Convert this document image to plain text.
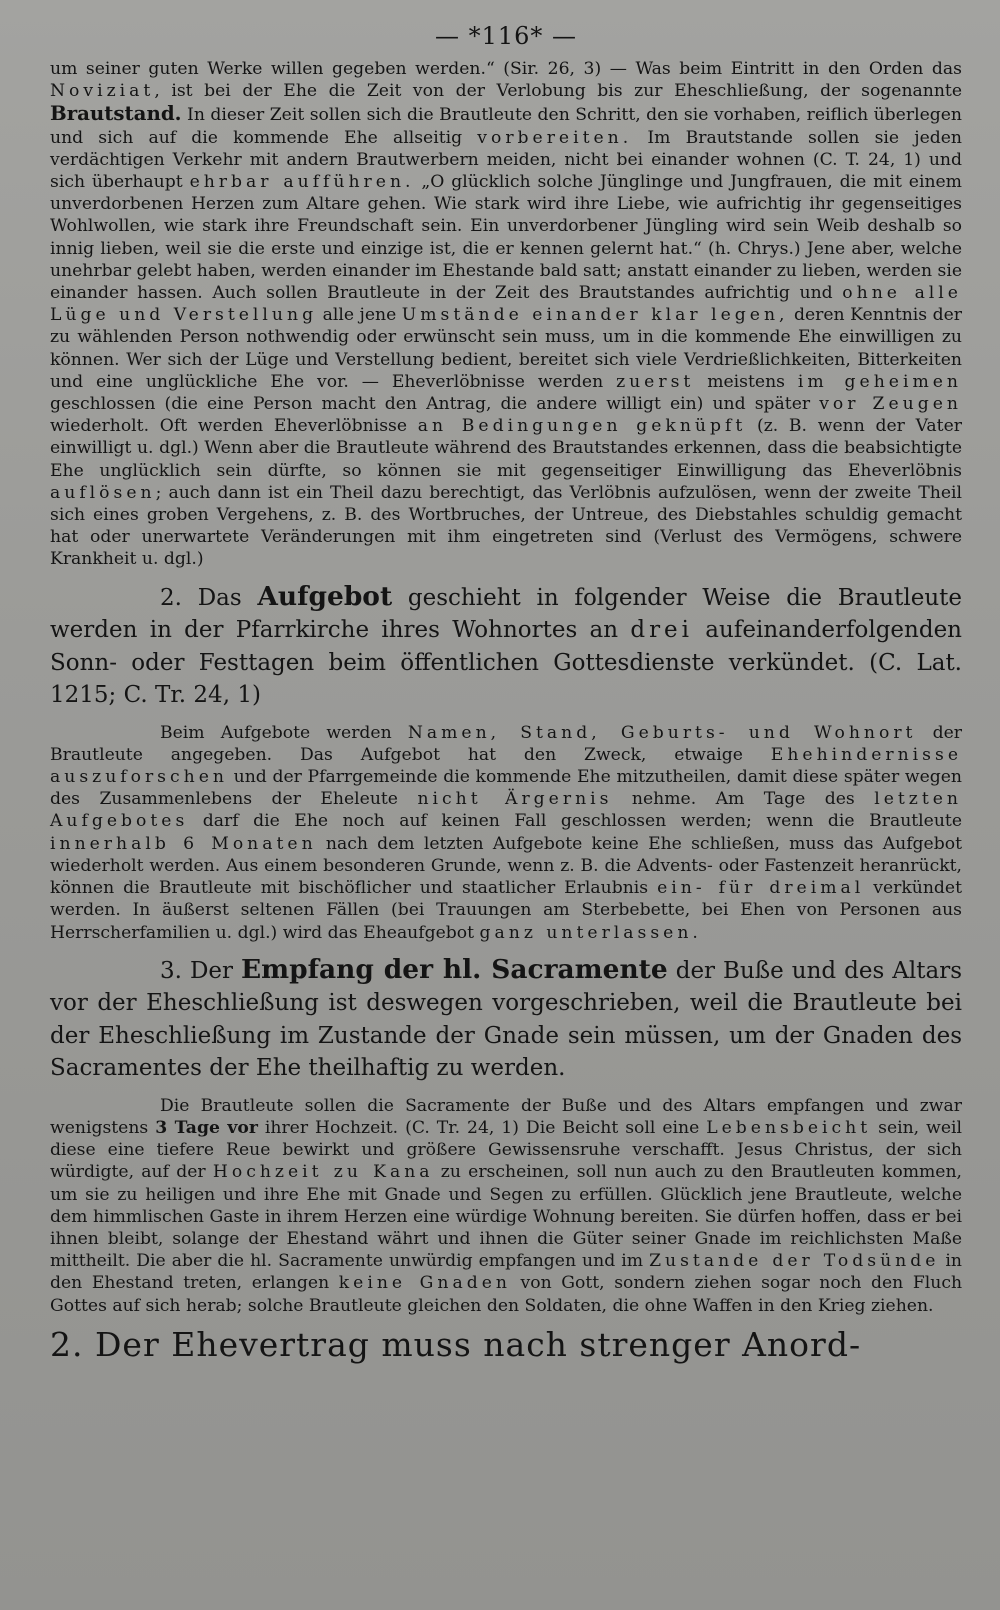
— *116* —

um seiner guten Werke willen gegeben werden.“ (Sir. 26, 3) — Was beim Eintritt in den Orden das Noviziat, ist bei der Ehe die Zeit von der Verlobung bis zur Eheschließung, der sogenannte Brautstand. In dieser Zeit sollen sich die Brautleute den Schritt, den sie vorhaben, reiflich überlegen und sich auf die kommende Ehe allseitig vorbereiten. Im Brautstande sollen sie jeden verdächtigen Verkehr mit andern Brautwerbern meiden, nicht bei einander wohnen (C. T. 24, 1) und sich überhaupt ehrbar aufführen. „O glücklich solche Jünglinge und Jungfrauen, die mit einem unverdorbenen Herzen zum Altare gehen. Wie stark wird ihre Liebe, wie aufrichtig ihr gegenseitiges Wohlwollen, wie stark ihre Freundschaft sein. Ein unverdorbener Jüngling wird sein Weib deshalb so innig lieben, weil sie die erste und einzige ist, die er kennen gelernt hat.“ (h. Chrys.) Jene aber, welche unehrbar gelebt haben, werden einander im Ehestande bald satt; anstatt einander zu lieben, werden sie einander hassen. Auch sollen Brautleute in der Zeit des Brautstandes aufrichtig und ohne alle Lüge und Verstellung alle jene Umstände einander klar legen, deren Kenntnis der zu wählenden Person nothwendig oder erwünscht sein muss, um in die kommende Ehe einwilligen zu können. Wer sich der Lüge und Verstellung bedient, bereitet sich viele Verdrießlichkeiten, Bitterkeiten und eine unglückliche Ehe vor. — Eheverlöbnisse werden zuerst meistens im geheimen geschlossen (die eine Person macht den Antrag, die andere willigt ein) und später vor Zeugen wiederholt. Oft werden Eheverlöbnisse an Bedingungen geknüpft (z. B. wenn der Vater einwilligt u. dgl.) Wenn aber die Brautleute während des Brautstandes erkennen, dass die beabsichtigte Ehe unglücklich sein dürfte, so können sie mit gegenseitiger Einwilligung das Eheverlöbnis auflösen; auch dann ist ein Theil dazu berechtigt, das Verlöbnis aufzulösen, wenn der zweite Theil sich eines groben Vergehens, z. B. des Wortbruches, der Untreue, des Diebstahles schuldig gemacht hat oder unerwartete Veränderungen mit ihm eingetreten sind (Verlust des Vermögens, schwere Krankheit u. dgl.)

2. Das Aufgebot geschieht in folgender Weise die Brautleute werden in der Pfarrkirche ihres Wohnortes an drei aufeinanderfolgenden Sonn- oder Festtagen beim öffentlichen Gottesdienste verkündet. (C. Lat. 1215; C. Tr. 24, 1)

Beim Aufgebote werden Namen, Stand, Geburts- und Wohnort der Brautleute angegeben. Das Aufgebot hat den Zweck, etwaige Ehehindernisse auszuforschen und der Pfarrgemeinde die kommende Ehe mitzutheilen, damit diese später wegen des Zusammenlebens der Eheleute nicht Ärgernis nehme. Am Tage des letzten Aufgebotes darf die Ehe noch auf keinen Fall geschlossen werden; wenn die Brautleute innerhalb 6 Monaten nach dem letzten Aufgebote keine Ehe schließen, muss das Aufgebot wiederholt werden. Aus einem besonderen Grunde, wenn z. B. die Advents- oder Fastenzeit heranrückt, können die Brautleute mit bischöflicher und staatlicher Erlaubnis ein- für dreimal verkündet werden. In äußerst seltenen Fällen (bei Trauungen am Sterbebette, bei Ehen von Personen aus Herrscherfamilien u. dgl.) wird das Eheaufgebot ganz unterlassen.

3. Der Empfang der hl. Sacramente der Buße und des Altars vor der Eheschließung ist deswegen vorgeschrieben, weil die Brautleute bei der Eheschließung im Zustande der Gnade sein müssen, um der Gnaden des Sacramentes der Ehe theilhaftig zu werden.

Die Brautleute sollen die Sacramente der Buße und des Altars empfangen und zwar wenigstens 3 Tage vor ihrer Hochzeit. (C. Tr. 24, 1) Die Beicht soll eine Lebensbeicht sein, weil diese eine tiefere Reue bewirkt und größere Gewissensruhe verschafft. Jesus Christus, der sich würdigte, auf der Hochzeit zu Kana zu erscheinen, soll nun auch zu den Brautleuten kommen, um sie zu heiligen und ihre Ehe mit Gnade und Segen zu erfüllen. Glücklich jene Brautleute, welche dem himmlischen Gaste in ihrem Herzen eine würdige Wohnung bereiten. Sie dürfen hoffen, dass er bei ihnen bleibt, solange der Ehestand währt und ihnen die Güter seiner Gnade im reichlichsten Maße mittheilt. Die aber die hl. Sacramente unwürdig empfangen und im Zustande der Todsünde in den Ehestand treten, erlangen keine Gnaden von Gott, sondern ziehen sogar noch den Fluch Gottes auf sich herab; solche Brautleute gleichen den Soldaten, die ohne Waffen in den Krieg ziehen.

2. Der Ehevertrag muss nach strenger Anord-
